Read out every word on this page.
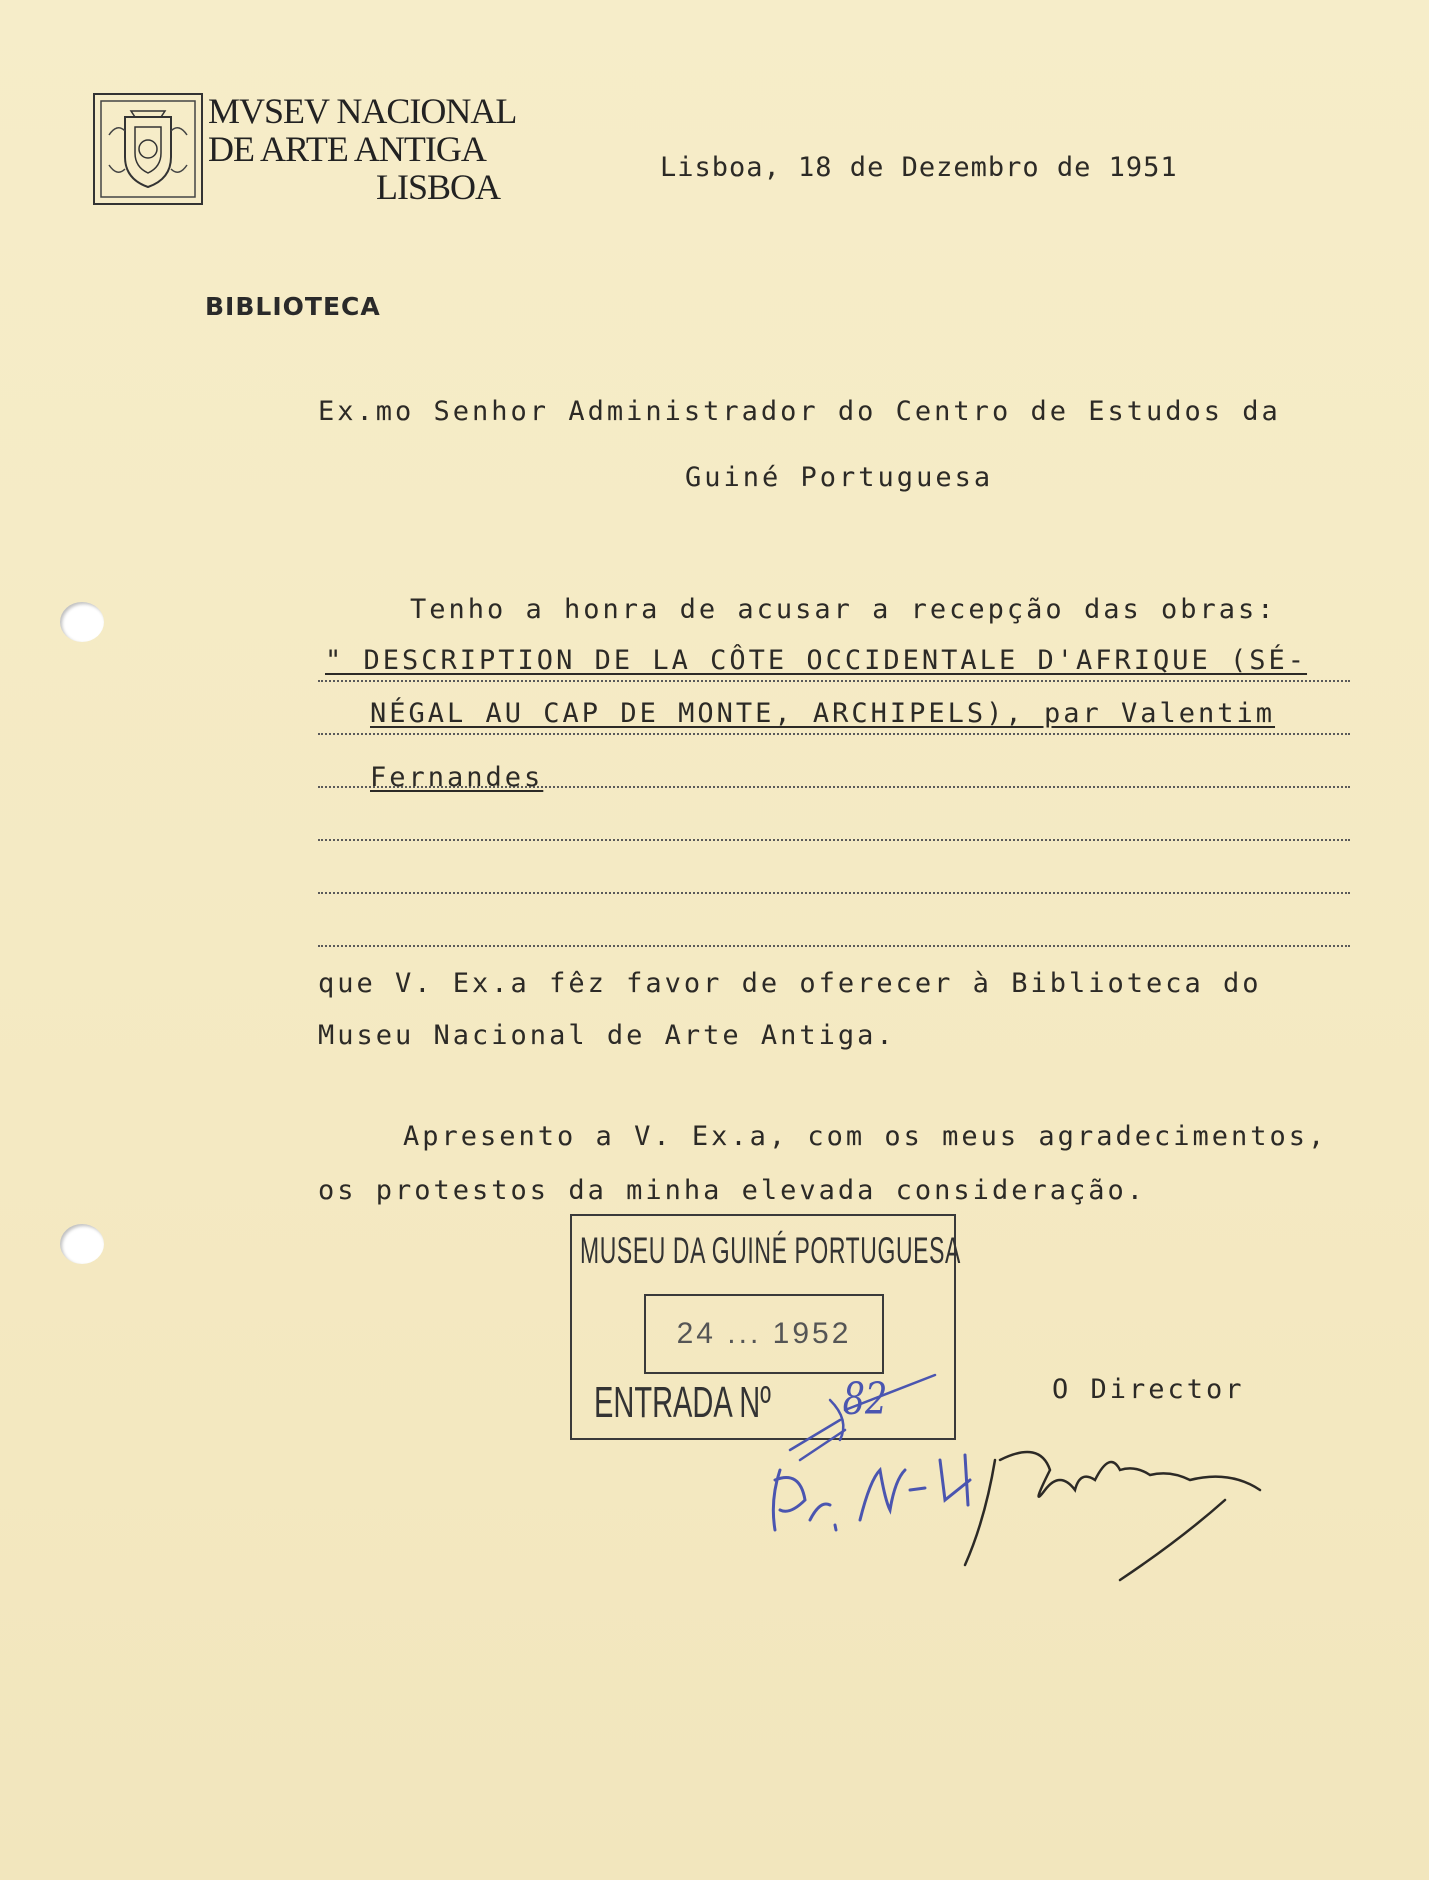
MVSEV NACIONAL
DE ARTE ANTIGA
LISBOA	Lisboa, 18 de Dezembro de 1951
BIBLIOTECA
Ex.mo Senhor Administrador do Centro de Estudos da
Guiné Portuguesa
Tenho a honra de acusar a recepção das obras:
" DESCRIPTION DE LA CÔTE OCCIDENTALE D'AFRIQUE (SÉ-
NÉGAL AU CAP DE MONTE, ARCHIPELS), par Valentim
Fernandes
que V. Ex.a fêz favor de oferecer à Biblioteca do
Museu Nacional de Arte Antiga.
Apresento a V. Ex.a, com os meus agradecimentos,
os protestos da minha elevada consideração.
MUSEU DA GUINÉ PORTUGUESA
24 ... 1952
ENTRADA Nº 82	O Director
